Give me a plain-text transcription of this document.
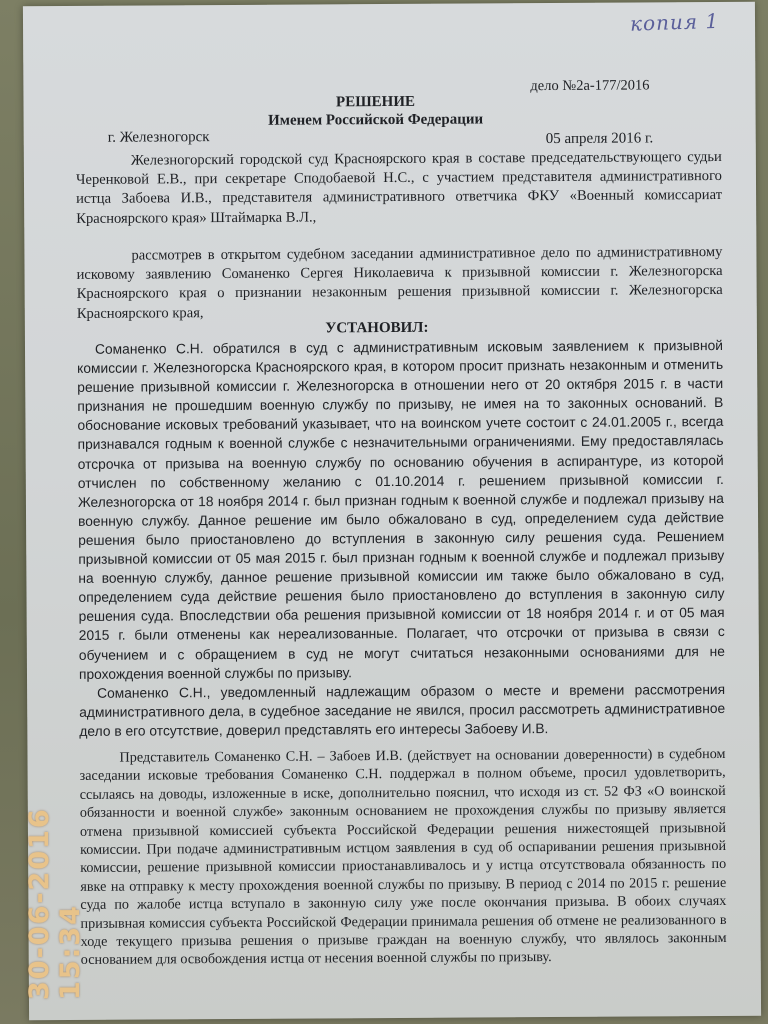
копия 1
дело №2а-177/2016
РЕШЕНИЕ
Именем Российской Федерации
г. Железногорск	05 апреля 2016 г.

Железногорский городской суд Красноярского края в составе председательствующего судьи Черенковой Е.В., при секретаре Сподобаевой Н.С., с участием представителя административного истца Забоева И.В., представителя административного ответчика ФКУ «Военный комиссариат Красноярского края» Штаймарка В.Л.,

рассмотрев в открытом судебном заседании административное дело по административному исковому заявлению Соманенко Сергея Николаевича к призывной комиссии г. Железногорска Красноярского края о признании незаконным решения призывной комиссии г. Железногорска Красноярского края,

УСТАНОВИЛ:

Соманенко С.Н. обратился в суд с административным исковым заявлением к призывной комиссии г. Железногорска Красноярского края, в котором просит признать незаконным и отменить решение призывной комиссии г. Железногорска в отношении него от 20 октября 2015 г. в части признания не прошедшим военную службу по призыву, не имея на то законных оснований. В обоснование исковых требований указывает, что на воинском учете состоит с 24.01.2005 г., всегда признавался годным к военной службе с незначительными ограничениями. Ему предоставлялась отсрочка от призыва на военную службу по основанию обучения в аспирантуре, из которой отчислен по собственному желанию с 01.10.2014 г. решением призывной комиссии г. Железногорска от 18 ноября 2014 г. был признан годным к военной службе и подлежал призыву на военную службу. Данное решение им было обжаловано в суд, определением суда действие решения было приостановлено до вступления в законную силу решения суда. Решением призывной комиссии от 05 мая 2015 г. был признан годным к военной службе и подлежал призыву на военную службу, данное решение призывной комиссии им также было обжаловано в суд, определением суда действие решения было приостановлено до вступления в законную силу решения суда. Впоследствии оба решения призывной комиссии от 18 ноября 2014 г. и от 05 мая 2015 г. были отменены как нереализованные. Полагает, что отсрочки от призыва в связи с обучением и с обращением в суд не могут считаться незаконными основаниями для не прохождения военной службы по призыву.

Соманенко С.Н., уведомленный надлежащим образом о месте и времени рассмотрения административного дела, в судебное заседание не явился, просил рассмотреть административное дело в его отсутствие, доверил представлять его интересы Забоеву И.В.

Представитель Соманенко С.Н. – Забоев И.В. (действует на основании доверенности) в судебном заседании исковые требования Соманенко С.Н. поддержал в полном объеме, просил удовлетворить, ссылаясь на доводы, изложенные в иске, дополнительно пояснил, что исходя из ст. 52 ФЗ «О воинской обязанности и военной службе» законным основанием не прохождения службы по призыву является отмена призывной комиссией субъекта Российской Федерации решения нижестоящей призывной комиссии. При подаче административным истцом заявления в суд об оспаривании решения призывной комиссии, решение призывной комиссии приостанавливалось и у истца отсутствовала обязанность по явке на отправку к месту прохождения военной службы по призыву. В период с 2014 по 2015 г. решение суда по жалобе истца вступало в законную силу уже после окончания призыва. В обоих случаях призывная комиссия субъекта Российской Федерации принимала решения об отмене не реализованного в ходе текущего призыва решения о призыве граждан на военную службу, что являлось законным основанием для освобождения истца от несения военной службы по призыву.

30-06-2016 15:34
